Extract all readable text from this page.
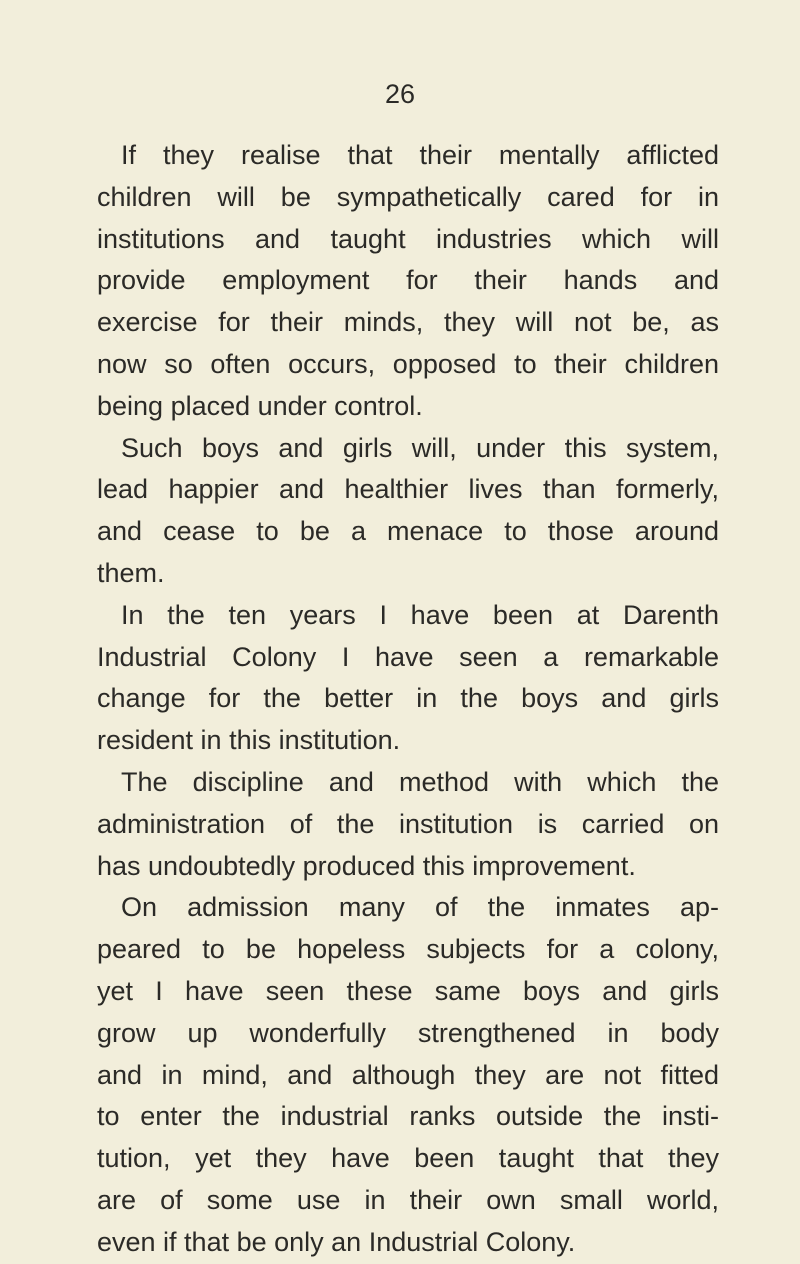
26
If they realise that their mentally afflicted
children will be sympathetically cared for in
institutions and taught industries which will
provide employment for their hands and
exercise for their minds, they will not be, as
now so often occurs, opposed to their children
being placed under control.
Such boys and girls will, under this system,
lead happier and healthier lives than formerly,
and cease to be a menace to those around
them.
In the ten years I have been at Darenth
Industrial Colony I have seen a remarkable
change for the better in the boys and girls
resident in this institution.
The discipline and method with which the
administration of the institution is carried on
has undoubtedly produced this improvement.
On admission many of the inmates ap-
peared to be hopeless subjects for a colony,
yet I have seen these same boys and girls
grow up wonderfully strengthened in body
and in mind, and although they are not fitted
to enter the industrial ranks outside the insti-
tution, yet they have been taught that they
are of some use in their own small world,
even if that be only an Industrial Colony.
